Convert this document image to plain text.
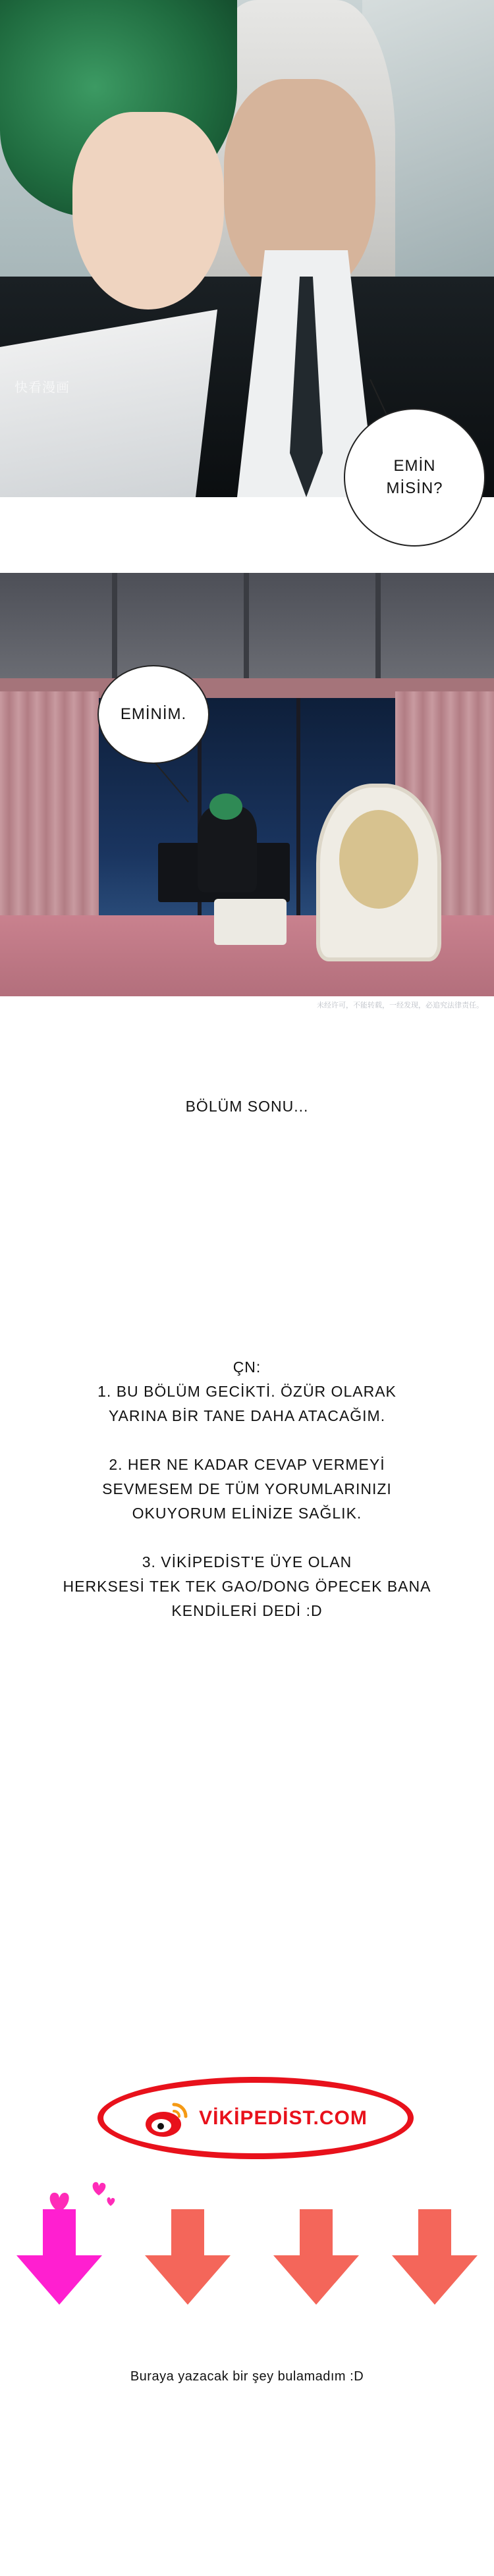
快看漫画
EMİN
MİSİN?
未经许可，不能转载，一经发现，必追究法律责任。
EMİNİM.
BÖLÜM SONU...

ÇN:

1. BU BÖLÜM GECİKTİ. ÖZÜR OLARAK

YARINA BİR TANE DAHA ATACAĞIM.

2. HER NE KADAR CEVAP VERMEYİ

SEVMESEM DE TÜM YORUMLARINIZI

OKUYORUM ELİNİZE SAĞLIK.

3. VİKİPEDİST'E ÜYE OLAN

HERKSESİ TEK TEK GAO/DONG ÖPECEK BANA

KENDİLERİ DEDİ :D

VİKİPEDİST.COM
Buraya yazacak bir şey bulamadım :D
